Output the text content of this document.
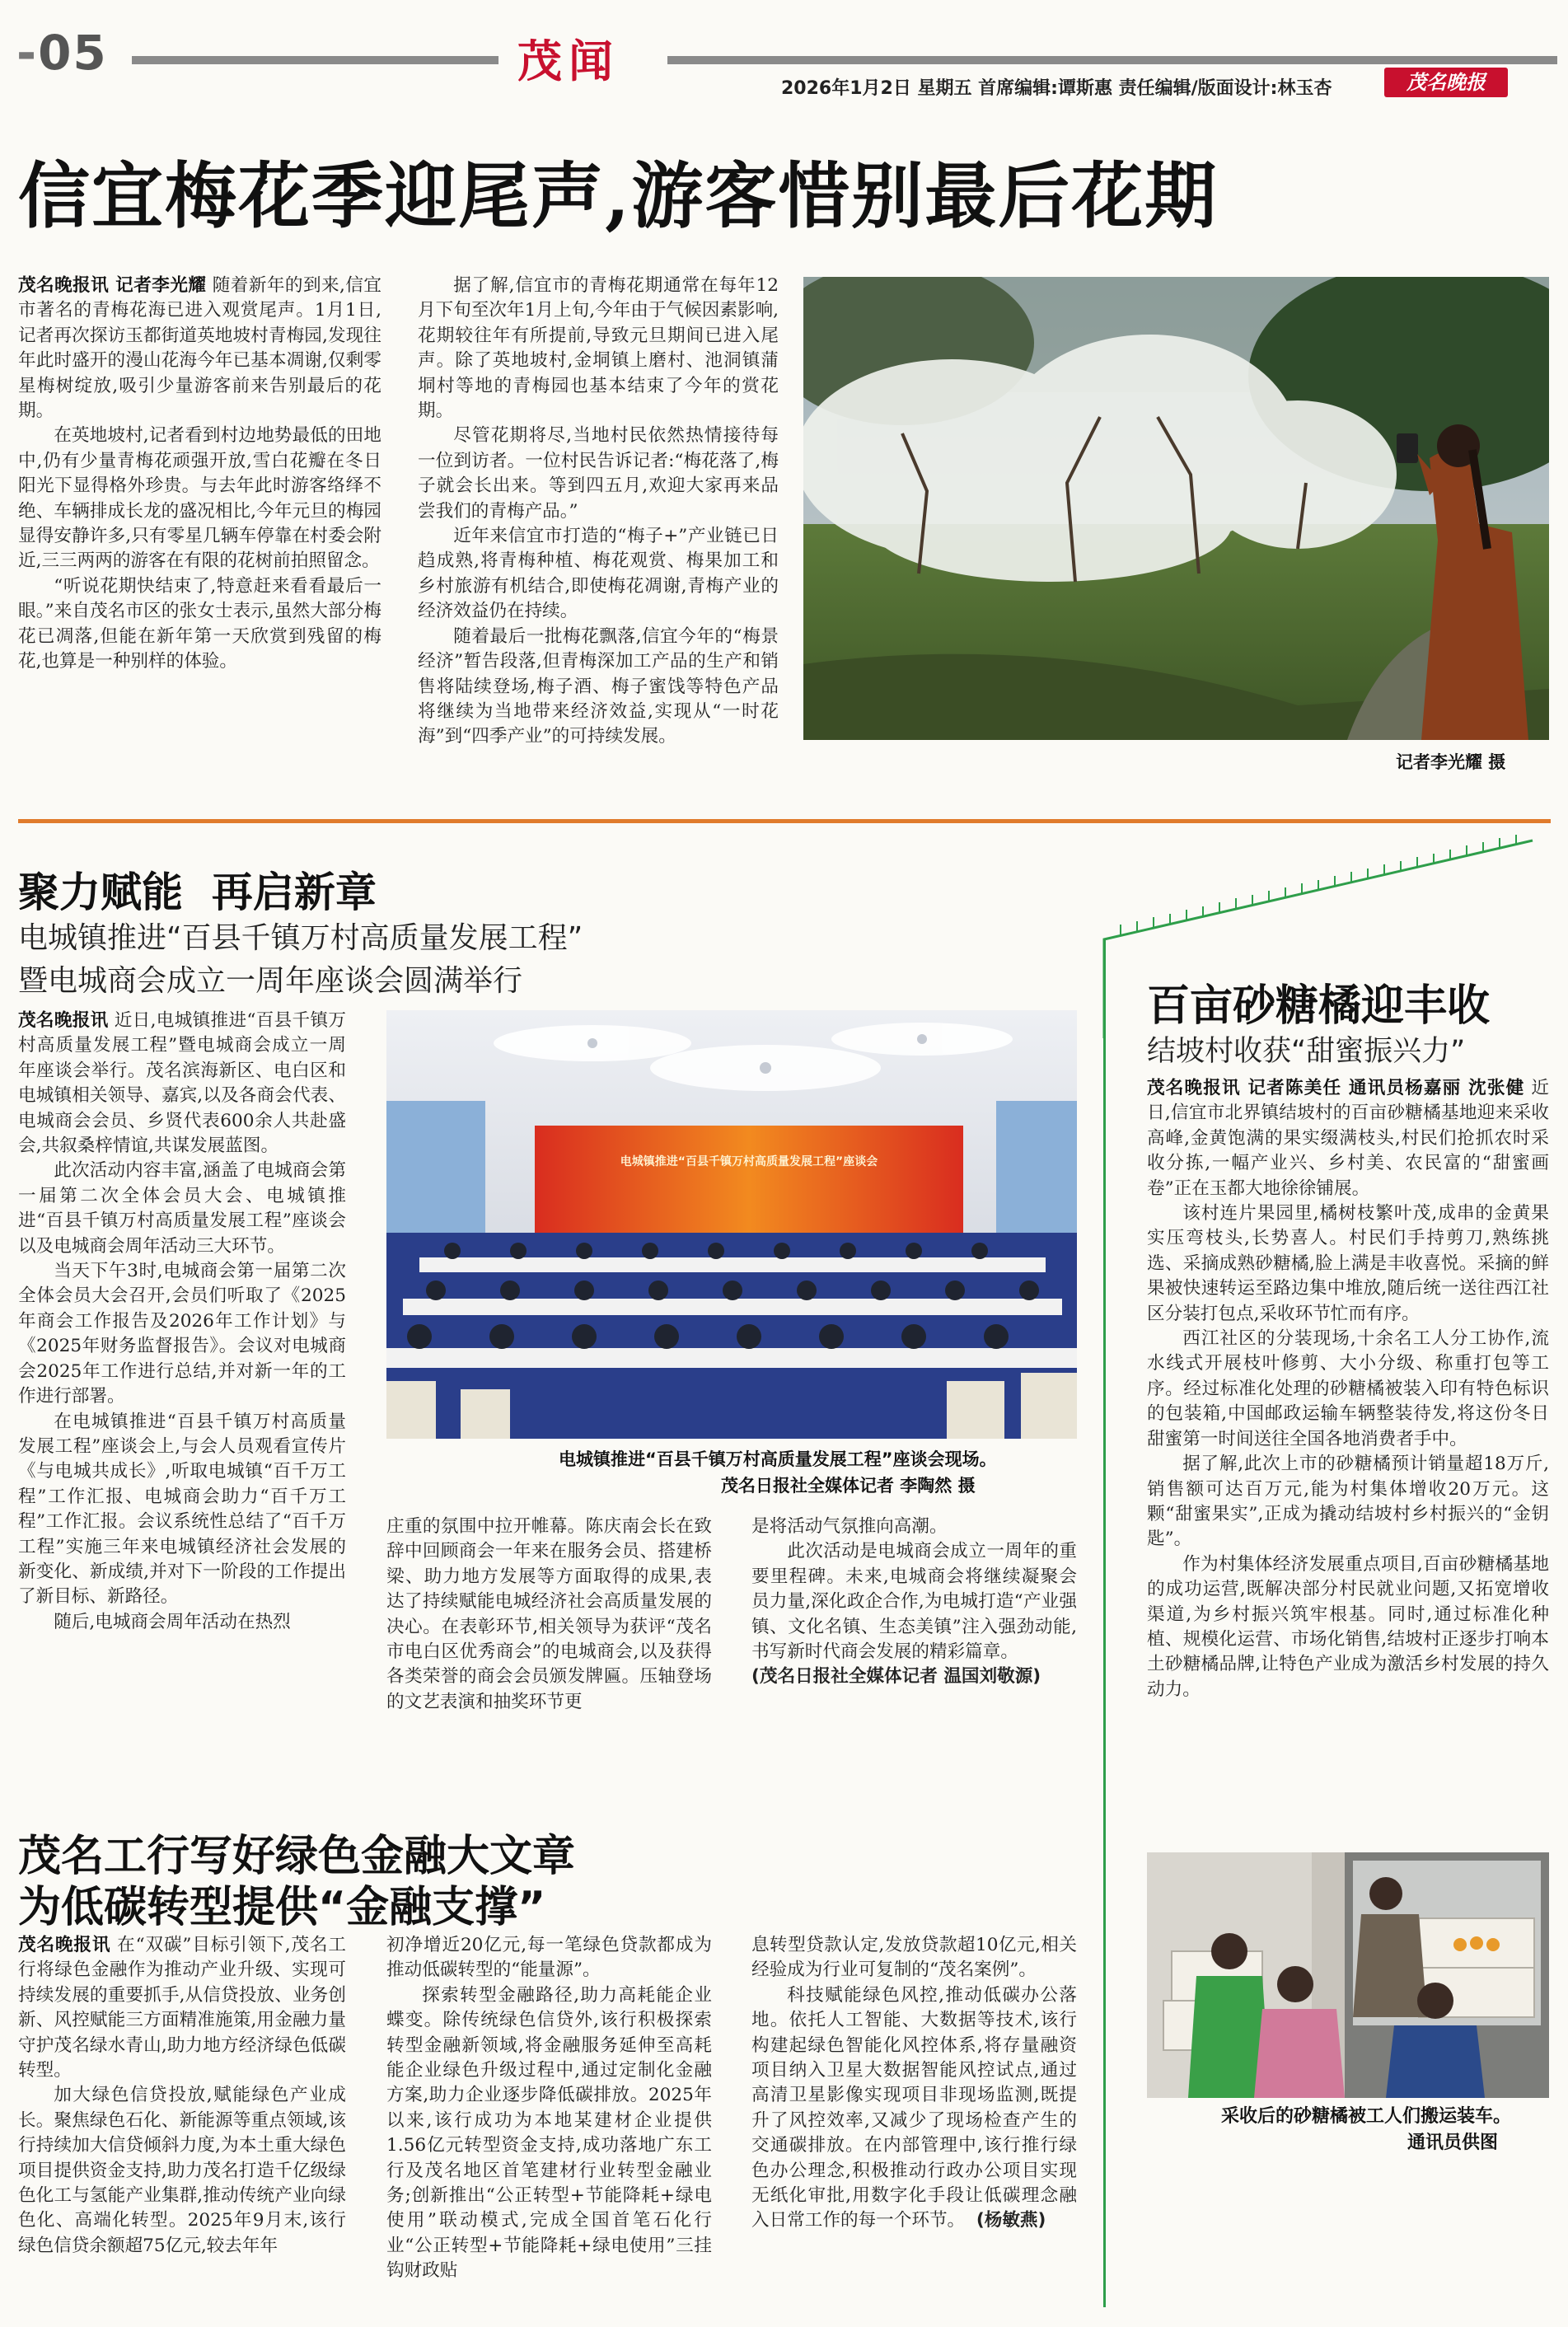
-05	茂闻
2026年1月2日 星期五 首席编辑:谭斯惠 责任编辑/版面设计:林玉杏	茂名晚报
信宜梅花季迎尾声,游客惜别最后花期

茂名晚报讯 记者李光耀 随着新年的到来,信宜市著名的青梅花海已进入观赏尾声。1月1日,记者再次探访玉都街道英地坡村青梅园,发现往年此时盛开的漫山花海今年已基本凋谢,仅剩零星梅树绽放,吸引少量游客前来告别最后的花期。

在英地坡村,记者看到村边地势最低的田地中,仍有少量青梅花顽强开放,雪白花瓣在冬日阳光下显得格外珍贵。与去年此时游客络绎不绝、车辆排成长龙的盛况相比,今年元旦的梅园显得安静许多,只有零星几辆车停靠在村委会附近,三三两两的游客在有限的花树前拍照留念。

“听说花期快结束了,特意赶来看看最后一眼。”来自茂名市区的张女士表示,虽然大部分梅花已凋落,但能在新年第一天欣赏到残留的梅花,也算是一种别样的体验。

据了解,信宜市的青梅花期通常在每年12月下旬至次年1月上旬,今年由于气候因素影响,花期较往年有所提前,导致元旦期间已进入尾声。除了英地坡村,金垌镇上磨村、池洞镇蒲垌村等地的青梅园也基本结束了今年的赏花期。

尽管花期将尽,当地村民依然热情接待每一位到访者。一位村民告诉记者:“梅花落了,梅子就会长出来。等到四五月,欢迎大家再来品尝我们的青梅产品。”

近年来信宜市打造的“梅子+”产业链已日趋成熟,将青梅种植、梅花观赏、梅果加工和乡村旅游有机结合,即使梅花凋谢,青梅产业的经济效益仍在持续。

随着最后一批梅花飘落,信宜今年的“梅景经济”暂告段落,但青梅深加工产品的生产和销售将陆续登场,梅子酒、梅子蜜饯等特色产品将继续为当地带来经济效益,实现从“一时花海”到“四季产业”的可持续发展。

记者李光耀 摄
聚力赋能  再启新章
电城镇推进“百县千镇万村高质量发展工程”
暨电城商会成立一周年座谈会圆满举行

茂名晚报讯 近日,电城镇推进“百县千镇万村高质量发展工程”暨电城商会成立一周年座谈会举行。茂名滨海新区、电白区和电城镇相关领导、嘉宾,以及各商会代表、电城商会会员、乡贤代表600余人共赴盛会,共叙桑梓情谊,共谋发展蓝图。

此次活动内容丰富,涵盖了电城商会第一届第二次全体会员大会、电城镇推进“百县千镇万村高质量发展工程”座谈会以及电城商会周年活动三大环节。

当天下午3时,电城商会第一届第二次全体会员大会召开,会员们听取了《2025年商会工作报告及2026年工作计划》与《2025年财务监督报告》。会议对电城商会2025年工作进行总结,并对新一年的工作进行部署。

在电城镇推进“百县千镇万村高质量发展工程”座谈会上,与会人员观看宣传片《与电城共成长》,听取电城镇“百千万工程”工作汇报、电城商会助力“百千万工程”工作汇报。会议系统性总结了“百千万工程”实施三年来电城镇经济社会发展的新变化、新成绩,并对下一阶段的工作提出了新目标、新路径。

随后,电城商会周年活动在热烈

电城镇推进“百县千镇万村高质量发展工程”座谈会
电城镇推进“百县千镇万村高质量发展工程”座谈会现场。
茂名日报社全媒体记者 李陶然 摄

庄重的氛围中拉开帷幕。陈庆南会长在致辞中回顾商会一年来在服务会员、搭建桥梁、助力地方发展等方面取得的成果,表达了持续赋能电城经济社会高质量发展的决心。在表彰环节,相关领导为获评“茂名市电白区优秀商会”的电城商会,以及获得各类荣誉的商会会员颁发牌匾。压轴登场的文艺表演和抽奖环节更

是将活动气氛推向高潮。

此次活动是电城商会成立一周年的重要里程碑。未来,电城商会将继续凝聚会员力量,深化政企合作,为电城打造“产业强镇、文化名镇、生态美镇”注入强劲动能,书写新时代商会发展的精彩篇章。

(茂名日报社全媒体记者 温国刘敬源)

百亩砂糖橘迎丰收
结坡村收获“甜蜜振兴力”

茂名晚报讯 记者陈美任 通讯员杨嘉丽 沈张健 近日,信宜市北界镇结坡村的百亩砂糖橘基地迎来采收高峰,金黄饱满的果实缀满枝头,村民们抢抓农时采收分拣,一幅产业兴、乡村美、农民富的“甜蜜画卷”正在玉都大地徐徐铺展。

该村连片果园里,橘树枝繁叶茂,成串的金黄果实压弯枝头,长势喜人。村民们手持剪刀,熟练挑选、采摘成熟砂糖橘,脸上满是丰收喜悦。采摘的鲜果被快速转运至路边集中堆放,随后统一送往西江社区分装打包点,采收环节忙而有序。

西江社区的分装现场,十余名工人分工协作,流水线式开展枝叶修剪、大小分级、称重打包等工序。经过标准化处理的砂糖橘被装入印有特色标识的包装箱,中国邮政运输车辆整装待发,将这份冬日甜蜜第一时间送往全国各地消费者手中。

据了解,此次上市的砂糖橘预计销量超18万斤,销售额可达百万元,能为村集体增收20万元。这颗“甜蜜果实”,正成为撬动结坡村乡村振兴的“金钥匙”。

作为村集体经济发展重点项目,百亩砂糖橘基地的成功运营,既解决部分村民就业问题,又拓宽增收渠道,为乡村振兴筑牢根基。同时,通过标准化种植、规模化运营、市场化销售,结坡村正逐步打响本土砂糖橘品牌,让特色产业成为激活乡村发展的持久动力。

采收后的砂糖橘被工人们搬运装车。
通讯员供图
茂名工行写好绿色金融大文章
为低碳转型提供“金融支撑”

茂名晚报讯 在“双碳”目标引领下,茂名工行将绿色金融作为推动产业升级、实现可持续发展的重要抓手,从信贷投放、业务创新、风控赋能三方面精准施策,用金融力量守护茂名绿水青山,助力地方经济绿色低碳转型。

加大绿色信贷投放,赋能绿色产业成长。聚焦绿色石化、新能源等重点领域,该行持续加大信贷倾斜力度,为本土重大绿色项目提供资金支持,助力茂名打造千亿级绿色化工与氢能产业集群,推动传统产业向绿色化、高端化转型。2025年9月末,该行绿色信贷余额超75亿元,较去年年

初净增近20亿元,每一笔绿色贷款都成为推动低碳转型的“能量源”。

探索转型金融路径,助力高耗能企业蝶变。除传统绿色信贷外,该行积极探索转型金融新领域,将金融服务延伸至高耗能企业绿色升级过程中,通过定制化金融方案,助力企业逐步降低碳排放。2025年以来,该行成功为本地某建材企业提供1.56亿元转型资金支持,成功落地广东工行及茂名地区首笔建材行业转型金融业务;创新推出“公正转型+节能降耗+绿电使用”联动模式,完成全国首笔石化行业“公正转型+节能降耗+绿电使用”三挂钩财政贴

息转型贷款认定,发放贷款超10亿元,相关经验成为行业可复制的“茂名案例”。

科技赋能绿色风控,推动低碳办公落地。依托人工智能、大数据等技术,该行构建起绿色智能化风控体系,将存量融资项目纳入卫星大数据智能风控试点,通过高清卫星影像实现项目非现场监测,既提升了风控效率,又减少了现场检查产生的交通碳排放。在内部管理中,该行推行绿色办公理念,积极推动行政办公项目实现无纸化审批,用数字化手段让低碳理念融入日常工作的每一个环节。 (杨敏燕)
